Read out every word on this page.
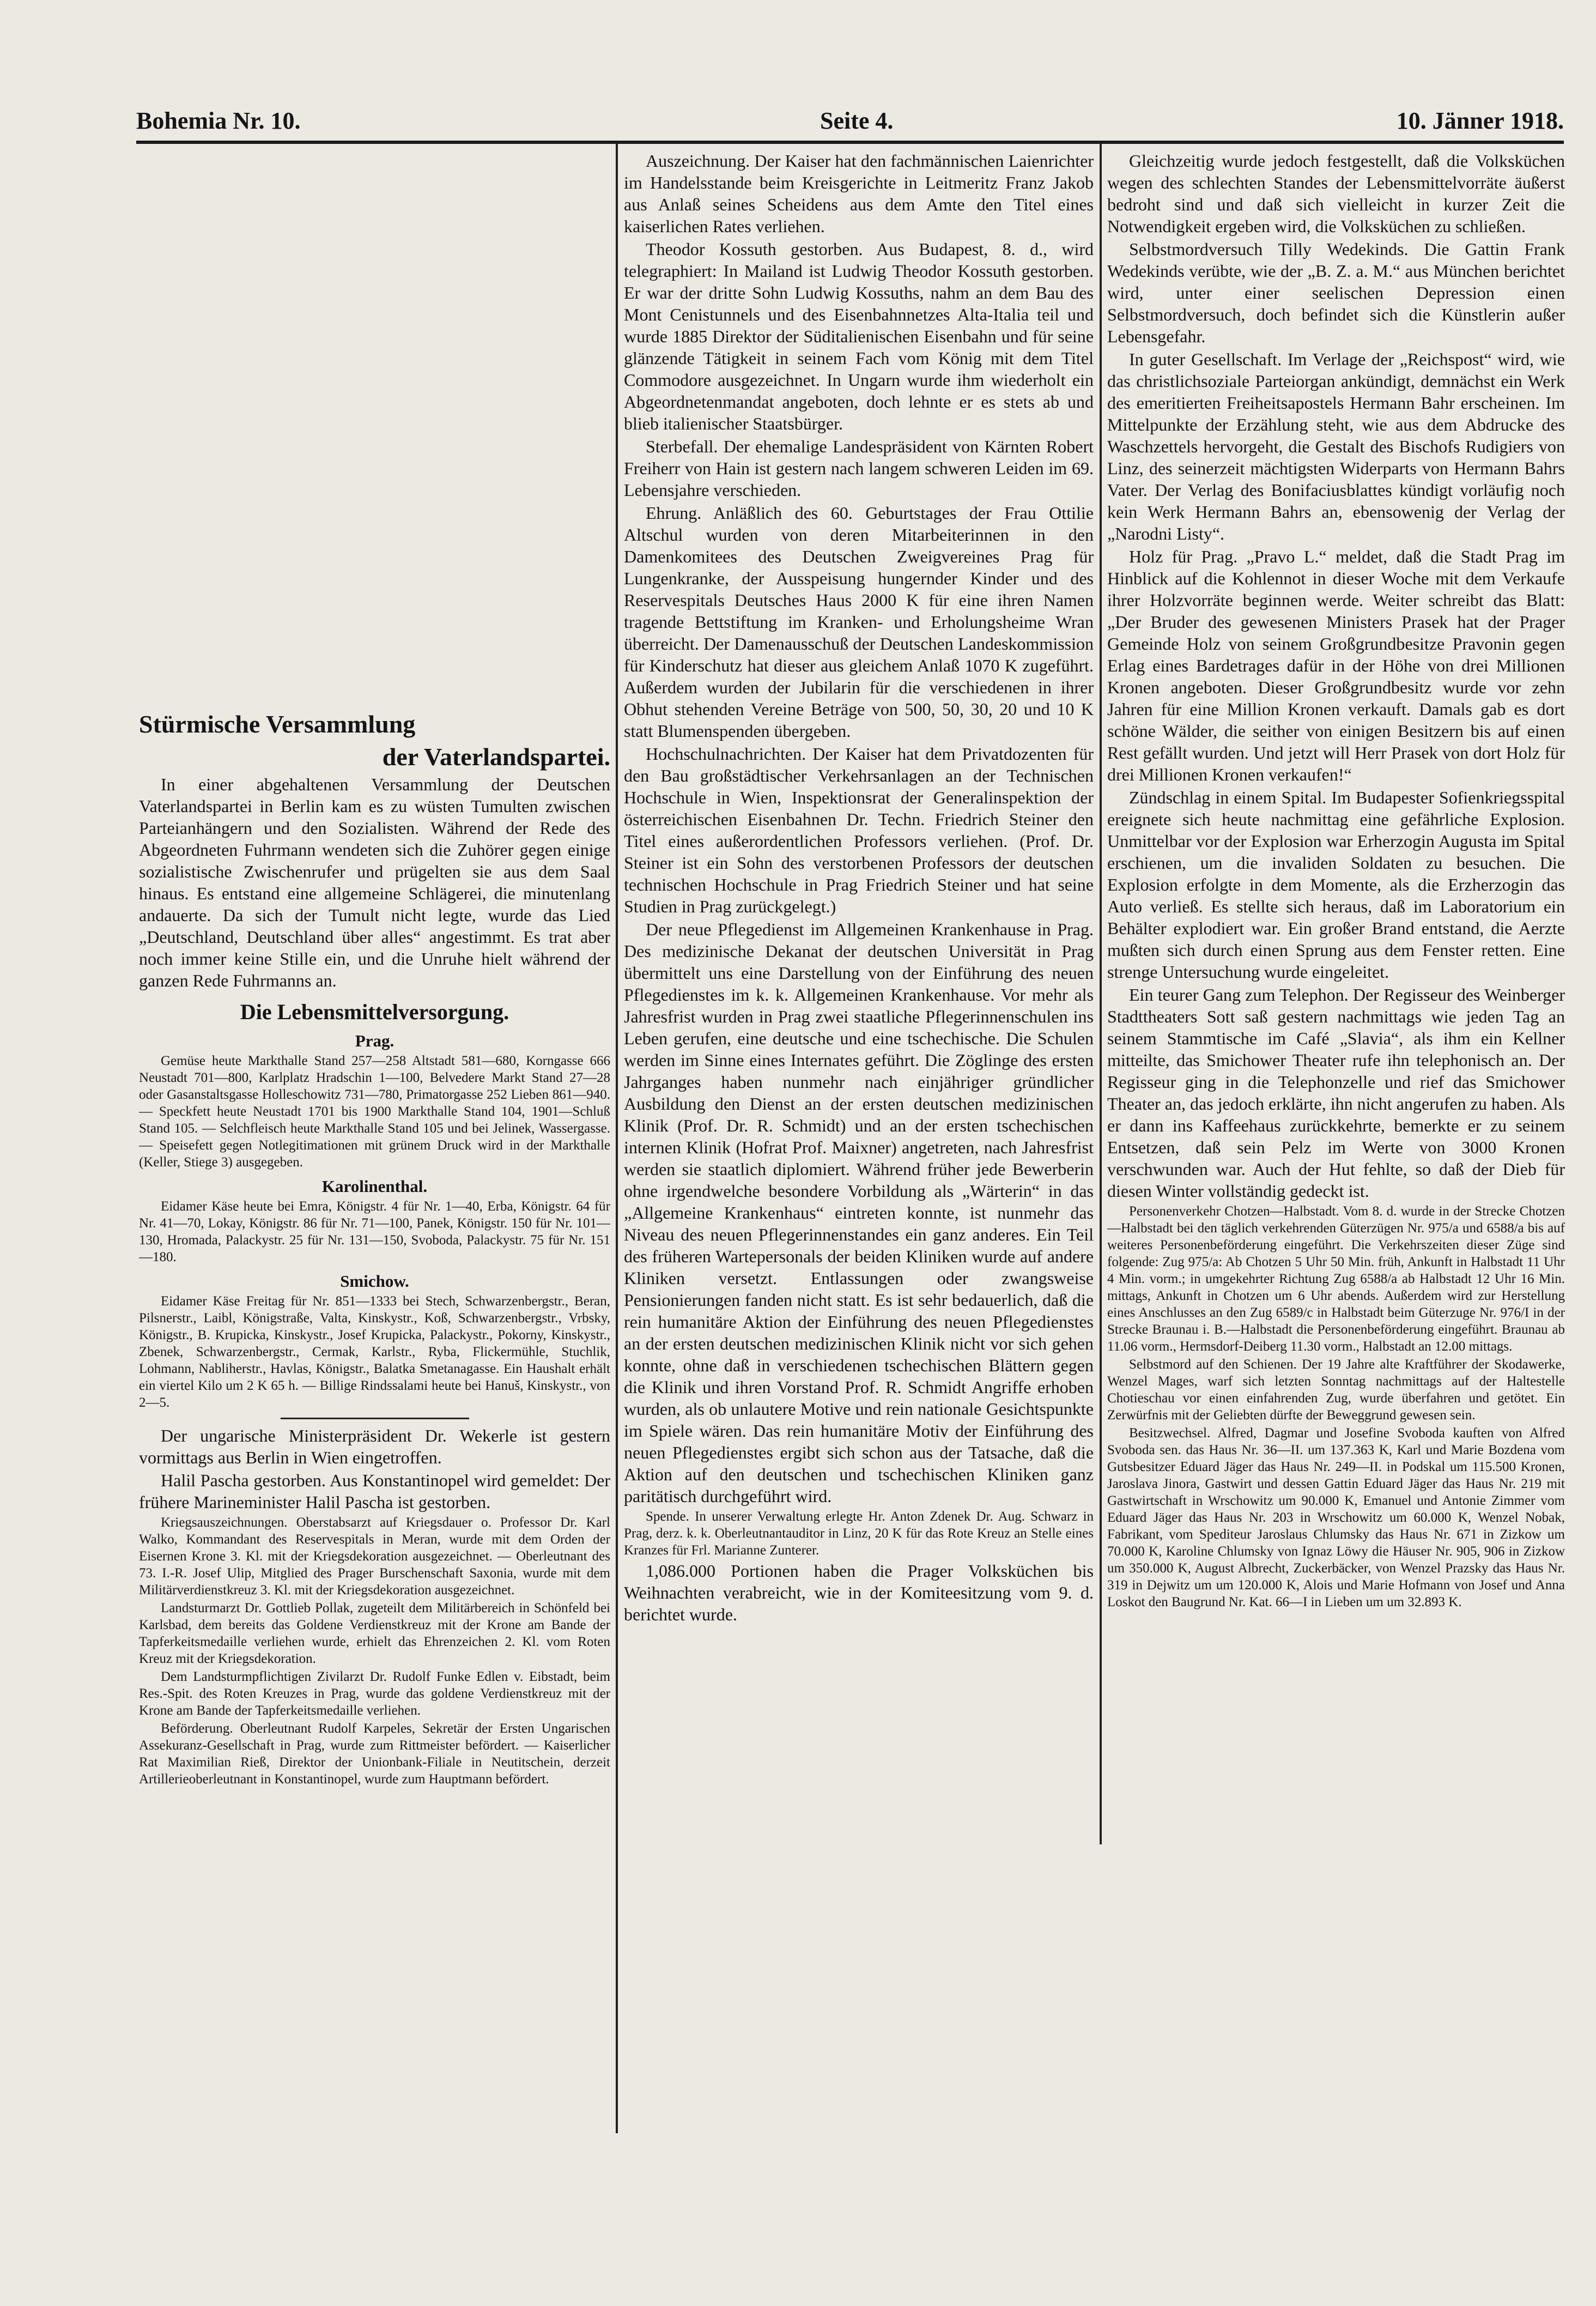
Bohemia Nr. 10.	Seite 4.	10. Jänner 1918.
Stürmische Versammlung
der Vaterlandspartei.

In einer abgehaltenen Versammlung der Deutschen Vaterlandspartei in Berlin kam es zu wüsten Tumulten zwischen Parteianhängern und den Sozialisten. Während der Rede des Abgeordneten Fuhrmann wendeten sich die Zuhörer gegen einige sozialistische Zwischenrufer und prügelten sie aus dem Saal hinaus. Es entstand eine allgemeine Schlägerei, die minutenlang andauerte. Da sich der Tumult nicht legte, wurde das Lied „Deutschland, Deutschland über alles“ angestimmt. Es trat aber noch immer keine Stille ein, und die Unruhe hielt während der ganzen Rede Fuhrmanns an.

Die Lebensmittelversorgung.
Prag.

Gemüse heute Markthalle Stand 257—258 Altstadt 581—680, Korngasse 666 Neustadt 701—800, Karlplatz Hradschin 1—100, Belvedere Markt Stand 27—28 oder Gasanstaltsgasse Holleschowitz 731—780, Primatorgasse 252 Lieben 861—940. — Speckfett heute Neustadt 1701 bis 1900 Markthalle Stand 104, 1901—Schluß Stand 105. — Selchfleisch heute Markthalle Stand 105 und bei Jelinek, Wassergasse. — Speisefett gegen Notlegitimationen mit grünem Druck wird in der Markthalle (Keller, Stiege 3) ausgegeben.

Karolinenthal.

Eidamer Käse heute bei Emra, Königstr. 4 für Nr. 1—40, Erba, Königstr. 64 für Nr. 41—70, Lokay, Königstr. 86 für Nr. 71—100, Panek, Königstr. 150 für Nr. 101—130, Hromada, Palackystr. 25 für Nr. 131—150, Svoboda, Palackystr. 75 für Nr. 151—180.

Smichow.

Eidamer Käse Freitag für Nr. 851—1333 bei Stech, Schwarzenbergstr., Beran, Pilsnerstr., Laibl, Königstraße, Valta, Kinskystr., Koß, Schwarzenbergstr., Vrbsky, Königstr., B. Krupicka, Kinskystr., Josef Krupicka, Palackystr., Pokorny, Kinskystr., Zbenek, Schwarzenbergstr., Cermak, Karlstr., Ryba, Flickermühle, Stuchlik, Lohmann, Nabliherstr., Havlas, Königstr., Balatka Smetanagasse. Ein Haushalt erhält ein viertel Kilo um 2 K 65 h. — Billige Rindssalami heute bei Hanuš, Kinskystr., von 2—5.

Der ungarische Ministerpräsident Dr. Wekerle ist gestern vormittags aus Berlin in Wien eingetroffen.

Halil Pascha gestorben. Aus Konstantinopel wird gemeldet: Der frühere Marineminister Halil Pascha ist gestorben.

Kriegsauszeichnungen. Oberstabsarzt auf Kriegsdauer o. Professor Dr. Karl Walko, Kommandant des Reservespitals in Meran, wurde mit dem Orden der Eisernen Krone 3. Kl. mit der Kriegsdekoration ausgezeichnet. — Oberleutnant des 73. I.-R. Josef Ulip, Mitglied des Prager Burschenschaft Saxonia, wurde mit dem Militärverdienstkreuz 3. Kl. mit der Kriegsdekoration ausgezeichnet.

Landsturmarzt Dr. Gottlieb Pollak, zugeteilt dem Militärbereich in Schönfeld bei Karlsbad, dem bereits das Goldene Verdienstkreuz mit der Krone am Bande der Tapferkeitsmedaille verliehen wurde, erhielt das Ehrenzeichen 2. Kl. vom Roten Kreuz mit der Kriegsdekoration.

Dem Landsturmpflichtigen Zivilarzt Dr. Rudolf Funke Edlen v. Eibstadt, beim Res.-Spit. des Roten Kreuzes in Prag, wurde das goldene Verdienstkreuz mit der Krone am Bande der Tapferkeitsmedaille verliehen.

Beförderung. Oberleutnant Rudolf Karpeles, Sekretär der Ersten Ungarischen Assekuranz-Gesellschaft in Prag, wurde zum Rittmeister befördert. — Kaiserlicher Rat Maximilian Rieß, Direktor der Unionbank-Filiale in Neutitschein, derzeit Artillerieoberleutnant in Konstantinopel, wurde zum Hauptmann befördert.

Auszeichnung. Der Kaiser hat den fachmännischen Laienrichter im Handelsstande beim Kreisgerichte in Leitmeritz Franz Jakob aus Anlaß seines Scheidens aus dem Amte den Titel eines kaiserlichen Rates verliehen.

Theodor Kossuth gestorben. Aus Budapest, 8. d., wird telegraphiert: In Mailand ist Ludwig Theodor Kossuth gestorben. Er war der dritte Sohn Ludwig Kossuths, nahm an dem Bau des Mont Cenistunnels und des Eisenbahnnetzes Alta-Italia teil und wurde 1885 Direktor der Süditalienischen Eisenbahn und für seine glänzende Tätigkeit in seinem Fach vom König mit dem Titel Commodore ausgezeichnet. In Ungarn wurde ihm wiederholt ein Abgeordnetenmandat angeboten, doch lehnte er es stets ab und blieb italienischer Staatsbürger.

Sterbefall. Der ehemalige Landespräsident von Kärnten Robert Freiherr von Hain ist gestern nach langem schweren Leiden im 69. Lebensjahre verschieden.

Ehrung. Anläßlich des 60. Geburtstages der Frau Ottilie Altschul wurden von deren Mitarbeiterinnen in den Damenkomitees des Deutschen Zweigvereines Prag für Lungenkranke, der Ausspeisung hungernder Kinder und des Reservespitals Deutsches Haus 2000 K für eine ihren Namen tragende Bettstiftung im Kranken- und Erholungsheime Wran überreicht. Der Damenausschuß der Deutschen Landeskommission für Kinderschutz hat dieser aus gleichem Anlaß 1070 K zugeführt. Außerdem wurden der Jubilarin für die verschiedenen in ihrer Obhut stehenden Vereine Beträge von 500, 50, 30, 20 und 10 K statt Blumenspenden übergeben.

Hochschulnachrichten. Der Kaiser hat dem Privatdozenten für den Bau großstädtischer Verkehrsanlagen an der Technischen Hochschule in Wien, Inspektionsrat der Generalinspektion der österreichischen Eisenbahnen Dr. Techn. Friedrich Steiner den Titel eines außerordentlichen Professors verliehen. (Prof. Dr. Steiner ist ein Sohn des verstorbenen Professors der deutschen technischen Hochschule in Prag Friedrich Steiner und hat seine Studien in Prag zurückgelegt.)

Der neue Pflegedienst im Allgemeinen Krankenhause in Prag. Des medizinische Dekanat der deutschen Universität in Prag übermittelt uns eine Darstellung von der Einführung des neuen Pflegedienstes im k. k. Allgemeinen Krankenhause. Vor mehr als Jahresfrist wurden in Prag zwei staatliche Pflegerinnenschulen ins Leben gerufen, eine deutsche und eine tschechische. Die Schulen werden im Sinne eines Internates geführt. Die Zöglinge des ersten Jahrganges haben nunmehr nach einjähriger gründlicher Ausbildung den Dienst an der ersten deutschen medizinischen Klinik (Prof. Dr. R. Schmidt) und an der ersten tschechischen internen Klinik (Hofrat Prof. Maixner) angetreten, nach Jahresfrist werden sie staatlich diplomiert. Während früher jede Bewerberin ohne irgendwelche besondere Vorbildung als „Wärterin“ in das „Allgemeine Krankenhaus“ eintreten konnte, ist nunmehr das Niveau des neuen Pflegerinnenstandes ein ganz anderes. Ein Teil des früheren Wartepersonals der beiden Kliniken wurde auf andere Kliniken versetzt. Entlassungen oder zwangsweise Pensionierungen fanden nicht statt. Es ist sehr bedauerlich, daß die rein humanitäre Aktion der Einführung des neuen Pflegedienstes an der ersten deutschen medizinischen Klinik nicht vor sich gehen konnte, ohne daß in verschiedenen tschechischen Blättern gegen die Klinik und ihren Vorstand Prof. R. Schmidt Angriffe erhoben wurden, als ob unlautere Motive und rein nationale Gesichtspunkte im Spiele wären. Das rein humanitäre Motiv der Einführung des neuen Pflegedienstes ergibt sich schon aus der Tatsache, daß die Aktion auf den deutschen und tschechischen Kliniken ganz paritätisch durchgeführt wird.

Spende. In unserer Verwaltung erlegte Hr. Anton Zdenek Dr. Aug. Schwarz in Prag, derz. k. k. Oberleutnantauditor in Linz, 20 K für das Rote Kreuz an Stelle eines Kranzes für Frl. Marianne Zunterer.

1,086.000 Portionen haben die Prager Volksküchen bis Weihnachten verabreicht, wie in der Komiteesitzung vom 9. d. berichtet wurde.

Gleichzeitig wurde jedoch festgestellt, daß die Volksküchen wegen des schlechten Standes der Lebensmittelvorräte äußerst bedroht sind und daß sich vielleicht in kurzer Zeit die Notwendigkeit ergeben wird, die Volksküchen zu schließen.

Selbstmordversuch Tilly Wedekinds. Die Gattin Frank Wedekinds verübte, wie der „B. Z. a. M.“ aus München berichtet wird, unter einer seelischen Depression einen Selbstmordversuch, doch befindet sich die Künstlerin außer Lebensgefahr.

In guter Gesellschaft. Im Verlage der „Reichspost“ wird, wie das christlichsoziale Parteiorgan ankündigt, demnächst ein Werk des emeritierten Freiheitsapostels Hermann Bahr erscheinen. Im Mittelpunkte der Erzählung steht, wie aus dem Abdrucke des Waschzettels hervorgeht, die Gestalt des Bischofs Rudigiers von Linz, des seinerzeit mächtigsten Widerparts von Hermann Bahrs Vater. Der Verlag des Bonifaciusblattes kündigt vorläufig noch kein Werk Hermann Bahrs an, ebensowenig der Verlag der „Narodni Listy“.

Holz für Prag. „Pravo L.“ meldet, daß die Stadt Prag im Hinblick auf die Kohlennot in dieser Woche mit dem Verkaufe ihrer Holzvorräte beginnen werde. Weiter schreibt das Blatt: „Der Bruder des gewesenen Ministers Prasek hat der Prager Gemeinde Holz von seinem Großgrundbesitze Pravonin gegen Erlag eines Bardetrages dafür in der Höhe von drei Millionen Kronen angeboten. Dieser Großgrundbesitz wurde vor zehn Jahren für eine Million Kronen verkauft. Damals gab es dort schöne Wälder, die seither von einigen Besitzern bis auf einen Rest gefällt wurden. Und jetzt will Herr Prasek von dort Holz für drei Millionen Kronen verkaufen!“

Zündschlag in einem Spital. Im Budapester Sofienkriegsspital ereignete sich heute nachmittag eine gefährliche Explosion. Unmittelbar vor der Explosion war Erherzogin Augusta im Spital erschienen, um die invaliden Soldaten zu besuchen. Die Explosion erfolgte in dem Momente, als die Erzherzogin das Auto verließ. Es stellte sich heraus, daß im Laboratorium ein Behälter explodiert war. Ein großer Brand entstand, die Aerzte mußten sich durch einen Sprung aus dem Fenster retten. Eine strenge Untersuchung wurde eingeleitet.

Ein teurer Gang zum Telephon. Der Regisseur des Weinberger Stadttheaters Sott saß gestern nachmittags wie jeden Tag an seinem Stammtische im Café „Slavia“, als ihm ein Kellner mitteilte, das Smichower Theater rufe ihn telephonisch an. Der Regisseur ging in die Telephonzelle und rief das Smichower Theater an, das jedoch erklärte, ihn nicht angerufen zu haben. Als er dann ins Kaffeehaus zurückkehrte, bemerkte er zu seinem Entsetzen, daß sein Pelz im Werte von 3000 Kronen verschwunden war. Auch der Hut fehlte, so daß der Dieb für diesen Winter vollständig gedeckt ist.

Personenverkehr Chotzen—Halbstadt. Vom 8. d. wurde in der Strecke Chotzen—Halbstadt bei den täglich verkehrenden Güterzügen Nr. 975/a und 6588/a bis auf weiteres Personenbeförderung eingeführt. Die Verkehrszeiten dieser Züge sind folgende: Zug 975/a: Ab Chotzen 5 Uhr 50 Min. früh, Ankunft in Halbstadt 11 Uhr 4 Min. vorm.; in umgekehrter Richtung Zug 6588/a ab Halbstadt 12 Uhr 16 Min. mittags, Ankunft in Chotzen um 6 Uhr abends. Außerdem wird zur Herstellung eines Anschlusses an den Zug 6589/c in Halbstadt beim Güterzuge Nr. 976/I in der Strecke Braunau i. B.—Halbstadt die Personenbeförderung eingeführt. Braunau ab 11.06 vorm., Hermsdorf-Deiberg 11.30 vorm., Halbstadt an 12.00 mittags.

Selbstmord auf den Schienen. Der 19 Jahre alte Kraftführer der Skodawerke, Wenzel Mages, warf sich letzten Sonntag nachmittags auf der Haltestelle Chotieschau vor einen einfahrenden Zug, wurde überfahren und getötet. Ein Zerwürfnis mit der Geliebten dürfte der Beweggrund gewesen sein.

Besitzwechsel. Alfred, Dagmar und Josefine Svoboda kauften von Alfred Svoboda sen. das Haus Nr. 36—II. um 137.363 K, Karl und Marie Bozdena vom Gutsbesitzer Eduard Jäger das Haus Nr. 249—II. in Podskal um 115.500 Kronen, Jaroslava Jinora, Gastwirt und dessen Gattin Eduard Jäger das Haus Nr. 219 mit Gastwirtschaft in Wrschowitz um 90.000 K, Emanuel und Antonie Zimmer vom Eduard Jäger das Haus Nr. 203 in Wrschowitz um 60.000 K, Wenzel Nobak, Fabrikant, vom Spediteur Jaroslaus Chlumsky das Haus Nr. 671 in Zizkow um 70.000 K, Karoline Chlumsky von Ignaz Löwy die Häuser Nr. 905, 906 in Zizkow um 350.000 K, August Albrecht, Zuckerbäcker, von Wenzel Prazsky das Haus Nr. 319 in Dejwitz um um 120.000 K, Alois und Marie Hofmann von Josef und Anna Loskot den Baugrund Nr. Kat. 66—I in Lieben um um 32.893 K.
